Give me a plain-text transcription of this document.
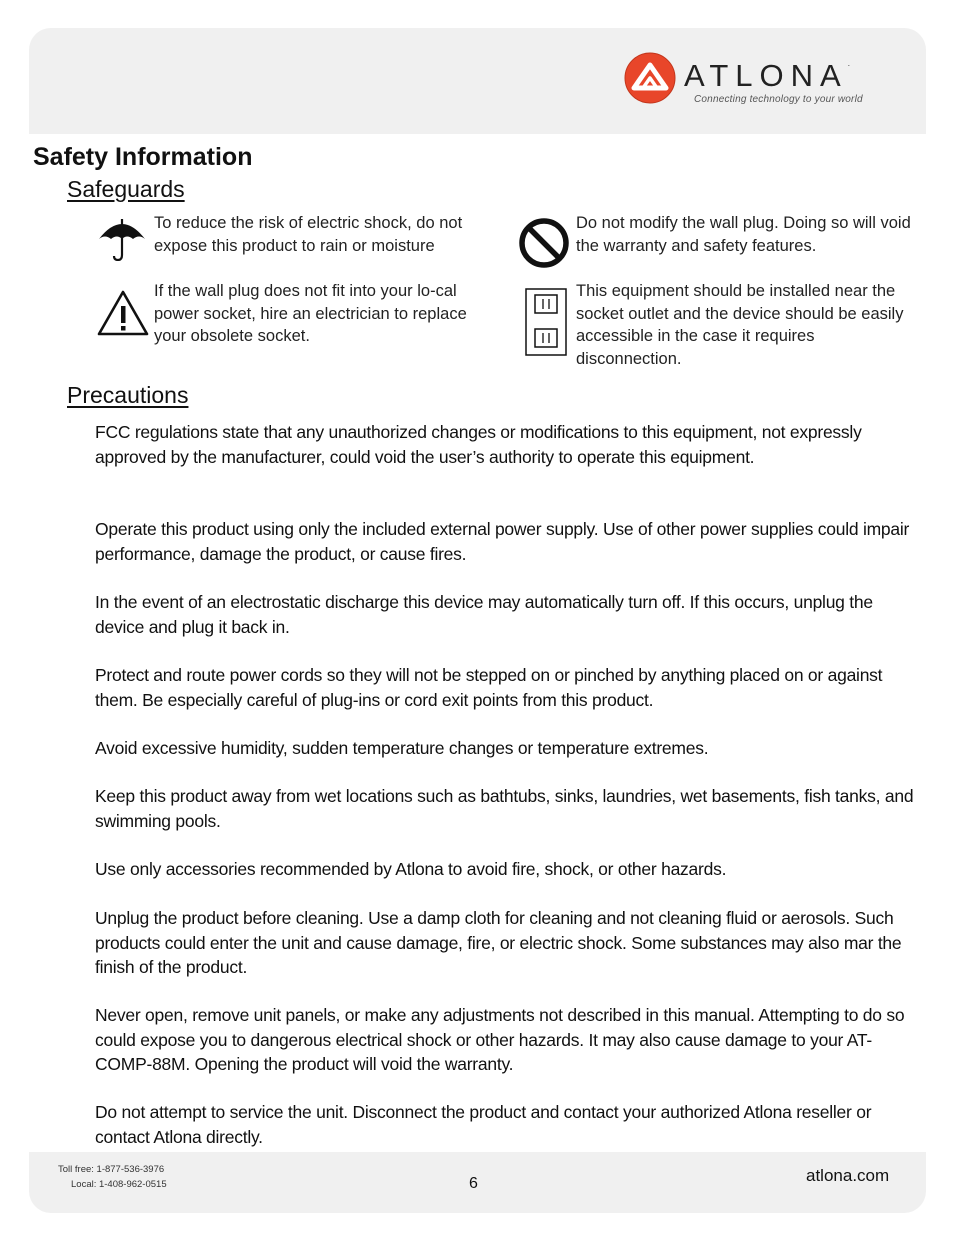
ATLONA.
Connecting technology to your world
Safety Information
Safeguards

To reduce the risk of electric shock, do not expose this product to rain or moisture

If the wall plug does not fit into your lo-cal power socket, hire an electrician to replace your obsolete socket.

Do not modify the wall plug. Doing so will void the warranty and safety features.

This equipment should be installed near the socket outlet and the device should be easily accessible in the case it requires disconnection.

Precautions

FCC regulations state that any unauthorized changes or modifications to this equipment, not expressly approved by the manufacturer, could void the user’s authority to operate this equipment.

Operate this product using only the included external power supply. Use of other power supplies could impair performance, damage the product, or cause fires.

In the event of an electrostatic discharge this device may automatically turn off. If this occurs, unplug the device and plug it back in.

Protect and route power cords so they will not be stepped on or pinched by anything placed on or against them. Be especially careful of plug-ins or cord exit points from this product.

Avoid excessive humidity, sudden temperature changes or temperature extremes.

Keep this product away from wet locations such as bathtubs, sinks, laundries, wet basements, fish tanks, and swimming pools.

Use only accessories recommended by Atlona to avoid fire, shock, or other hazards.

Unplug the product before cleaning. Use a damp cloth for cleaning and not cleaning fluid or aerosols. Such products could enter the unit and cause damage, fire, or electric shock. Some substances may also mar the finish of the product.

Never open, remove unit panels, or make any adjustments not described in this manual. Attempting to do so could expose you to dangerous electrical shock or other hazards. It may also cause damage to your AT-COMP-88M. Opening the product will void the warranty.

Do not attempt to service the unit. Disconnect the product and contact your authorized Atlona reseller or contact Atlona directly.

Toll free: 1-877-536-3976
Local: 1-408-962-0515	6	atlona.com
